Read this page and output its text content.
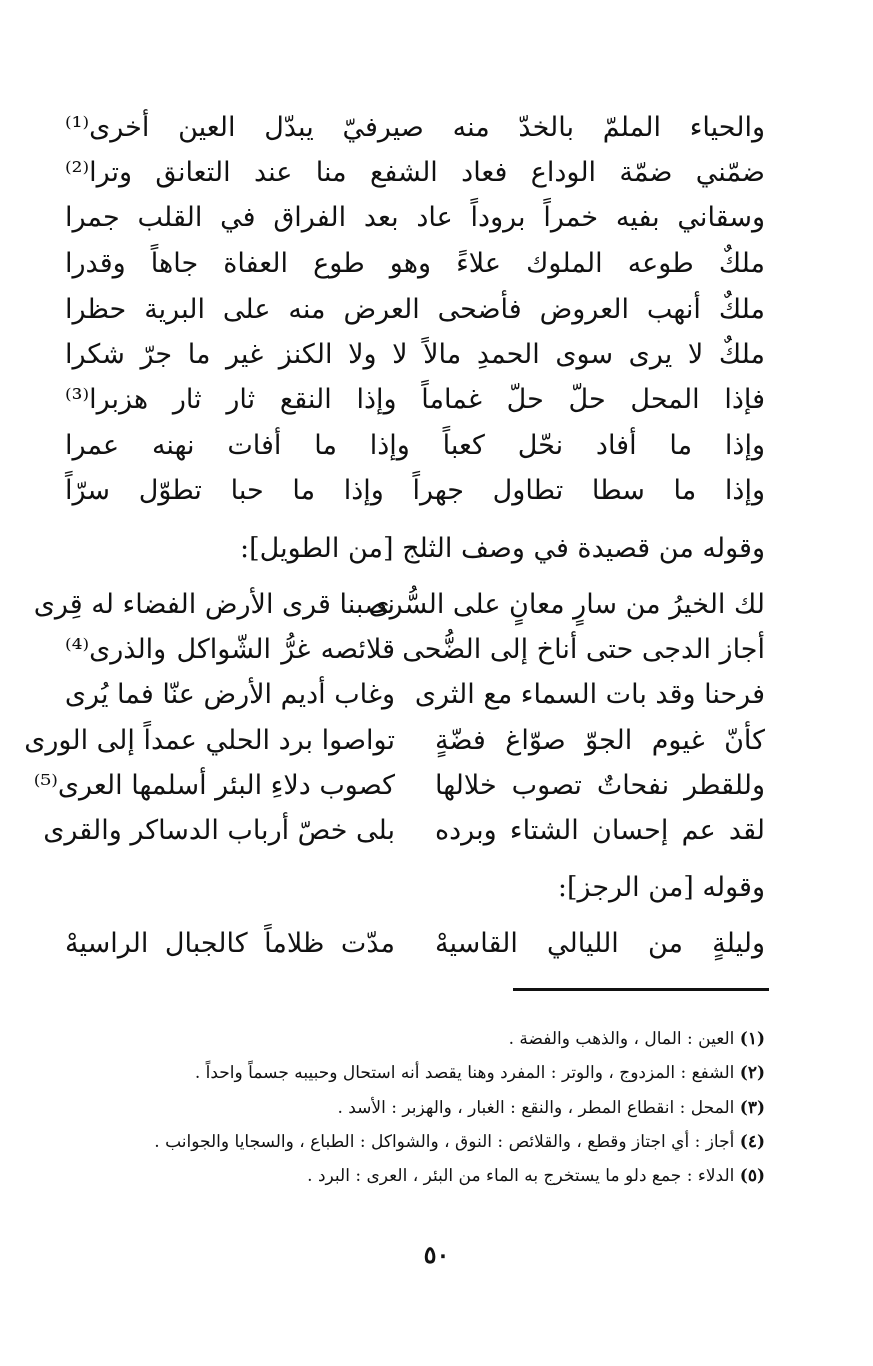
والحياء الملمّ بالخدّ منه صيرفيّ يبدّل العين أخرى⁽¹⁾
ضمّني ضمّة الوداع فعاد الشفع منا عند التعانق وترا⁽²⁾
وسقاني بفيه خمراً بروداً عاد بعد الفراق في القلب جمرا
ملكٌ طوعه الملوك علاءً وهو طوع العفاة جاهاً وقدرا
ملكٌ أنهب العروض فأضحى العرض منه على البرية حظرا
ملكٌ لا يرى سوى الحمدِ مالاً لا ولا الكنز غير ما جرّ شكرا
فإذا المحل حلّ حلّ غماماً وإذا النقع ثار ثار هزبرا⁽³⁾
وإذا ما أفاد نحّل كعباً وإذا ما أفات نهنه عمرا
وإذا ما سطا تطاول جهراً وإذا ما حبا تطوّل سرّاً
وقوله من قصيدة في وصف الثلج [من الطويل]:
لك الخيرُ من سارٍ معانٍ على السُّرى
نصبنا قرى الأرض الفضاء له قِرى
أجاز الدجى حتى أناخ إلى الضُّحى
قلائصه غرُّ الشّواكل والذرى⁽⁴⁾
فرحنا وقد بات السماء مع الثرى
وغاب أديم الأرض عنّا فما يُرى
كأنّ غيوم الجوّ صوّاغ فضّةٍ
تواصوا برد الحلي عمداً إلى الورى
وللقطر نفحاتٌ تصوب خلالها
كصوب دلاءِ البئر أسلمها العرى⁽⁵⁾
لقد عم إحسان الشتاء وبرده
بلى خصّ أرباب الدساكر والقرى
وقوله [من الرجز]:
وليلةٍ من الليالي القاسيهْ
مدّت ظلاماً كالجبال الراسيهْ
(١) العين : المال ، والذهب والفضة .
(٢) الشفع : المزدوج ، والوتر : المفرد وهنا يقصد أنه استحال وحبيبه جسماً واحداً .
(٣) المحل : انقطاع المطر ، والنقع : الغبار ، والهزبر : الأسد .
(٤) أجاز : أي اجتاز وقطع ، والقلائص : النوق ، والشواكل : الطباع ، والسجايا والجوانب .
(٥) الدلاء : جمع دلو ما يستخرج به الماء من البئر ، العرى : البرد .
٥٠
